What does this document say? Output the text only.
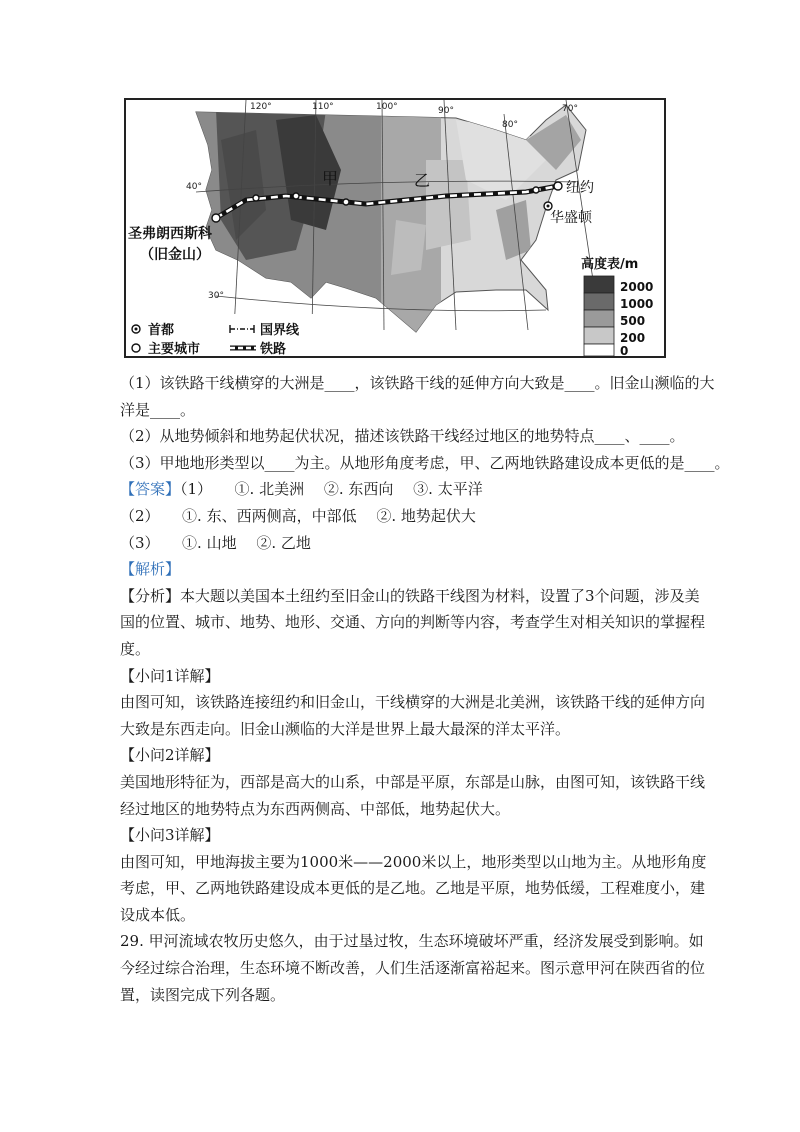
120°	110°	100°	90°
80°
70°
40°
30°
甲	乙	纽约
华盛顿
圣弗朗西斯科
（旧金山）
高度表/m
2000
1000
500
200
0
首都
主要城市
国界线
铁路
（1）该铁路干线横穿的大洲是____，该铁路干线的延伸方向大致是____。旧金山濒临的大
洋是____。
（2）从地势倾斜和地势起伏状况，描述该铁路干线经过地区的地势特点____、____。
（3）甲地地形类型以____为主。从地形角度考虑，甲、乙两地铁路建设成本更低的是____。
【答案】（1）　　①. 北美洲　 ②. 东西向　 ③. 太平洋
（2）　　①. 东、西两侧高，中部低　 ②. 地势起伏大
（3）　　①. 山地　 ②. 乙地
【解析】
【分析】本大题以美国本土纽约至旧金山的铁路干线图为材料，设置了3个问题，涉及美
国的位置、城市、地势、地形、交通、方向的判断等内容，考查学生对相关知识的掌握程
度。
【小问1详解】
由图可知，该铁路连接纽约和旧金山，干线横穿的大洲是北美洲，该铁路干线的延伸方向
大致是东西走向。旧金山濒临的大洋是世界上最大最深的洋太平洋。
【小问2详解】
美国地形特征为，西部是高大的山系，中部是平原，东部是山脉，由图可知，该铁路干线
经过地区的地势特点为东西两侧高、中部低，地势起伏大。
【小问3详解】
由图可知，甲地海拔主要为1000米——2000米以上，地形类型以山地为主。从地形角度
考虑，甲、乙两地铁路建设成本更低的是乙地。乙地是平原，地势低缓，工程难度小，建
设成本低。
29. 甲河流域农牧历史悠久，由于过垦过牧，生态环境破坏严重，经济发展受到影响。如
今经过综合治理，生态环境不断改善，人们生活逐渐富裕起来。图示意甲河在陕西省的位
置，读图完成下列各题。
